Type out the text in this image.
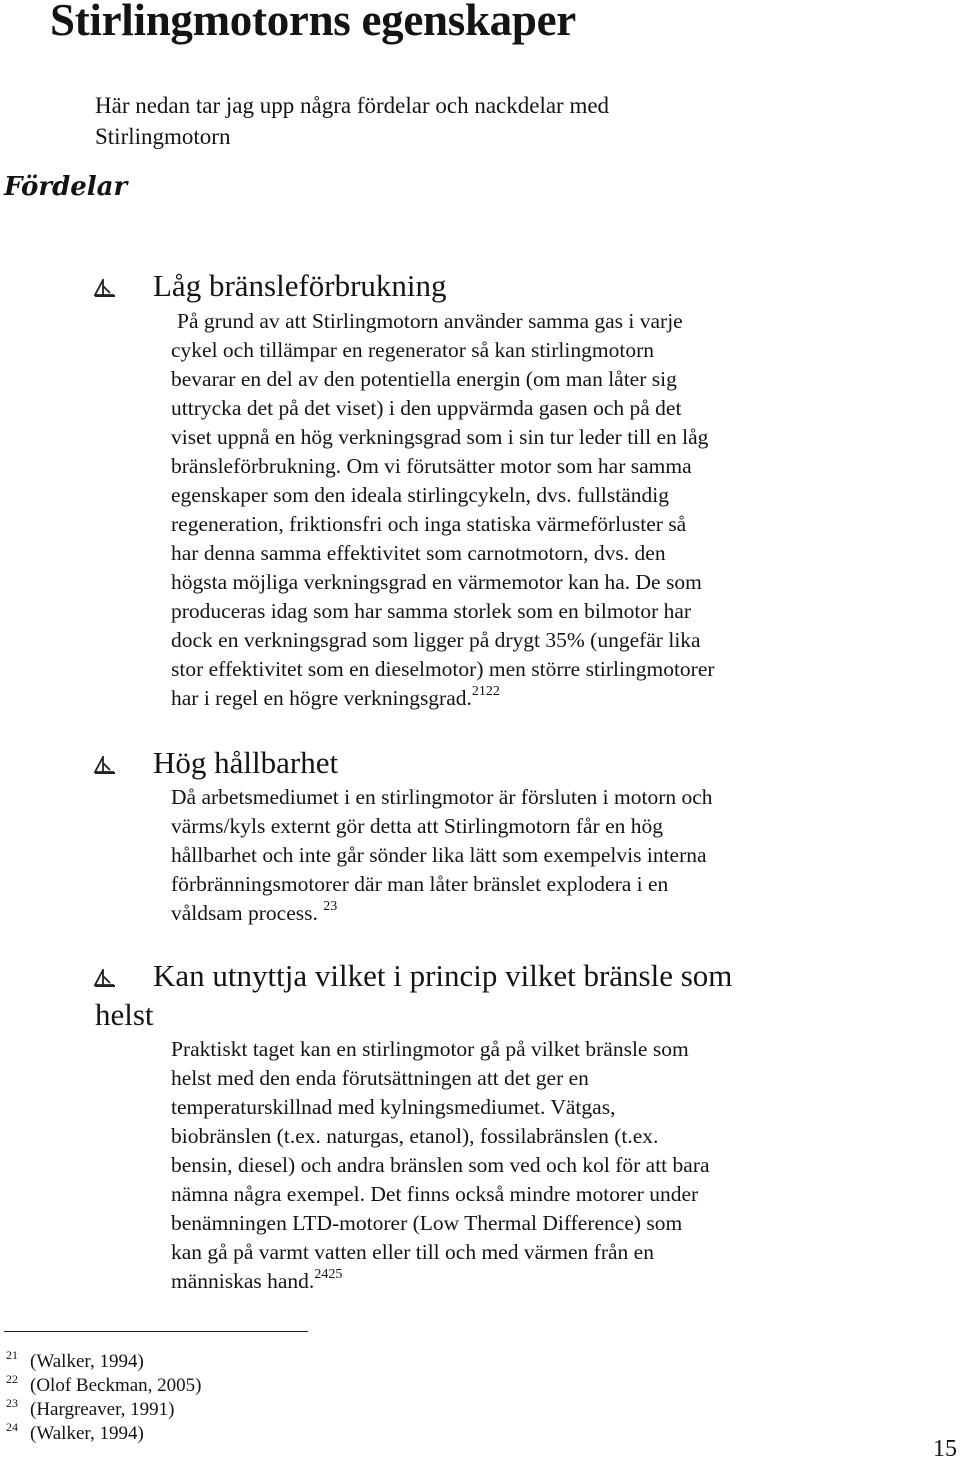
Stirlingmotorns egenskaper
Här nedan tar jag upp några fördelar och nackdelar med
Stirlingmotorn
Fördelar
Låg bränsleförbrukning
På grund av att Stirlingmotorn använder samma gas i varje
cykel och tillämpar en regenerator så kan stirlingmotorn
bevarar en del av den potentiella energin (om man låter sig
uttrycka det på det viset) i den uppvärmda gasen och på det
viset uppnå en hög verkningsgrad som i sin tur leder till en låg
bränsleförbrukning. Om vi förutsätter motor som har samma
egenskaper som den ideala stirlingcykeln, dvs. fullständig
regeneration, friktionsfri och inga statiska värmeförluster så
har denna samma effektivitet som carnotmotorn, dvs. den
högsta möjliga verkningsgrad en värmemotor kan ha. De som
produceras idag som har samma storlek som en bilmotor har
dock en verkningsgrad som ligger på drygt 35% (ungefär lika
stor effektivitet som en dieselmotor) men större stirlingmotorer
har i regel en högre verkningsgrad.$^{2122}$
Hög hållbarhet
Då arbetsmediumet i en stirlingmotor är försluten i motorn och
värms/kyls externt gör detta att Stirlingmotorn får en hög
hållbarhet och inte går sönder lika lätt som exempelvis interna
förbränningsmotorer där man låter bränslet explodera i en
våldsam process. $^{23}$
Kan utnyttja vilket i princip vilket bränsle som
helst
Praktiskt taget kan en stirlingmotor gå på vilket bränsle som
helst med den enda förutsättningen att det ger en
temperaturskillnad med kylningsmediumet. Vätgas,
biobränslen (t.ex. naturgas, etanol), fossilabränslen (t.ex.
bensin, diesel) och andra bränslen som ved och kol för att bara
nämna några exempel. Det finns också mindre motorer under
benämningen LTD-motorer (Low Thermal Difference) som
kan gå på varmt vatten eller till och med värmen från en
människas hand.$^{2425}$
21 (Walker, 1994)
22 (Olof Beckman, 2005)
23 (Hargreaver, 1991)
24 (Walker, 1994)
15
